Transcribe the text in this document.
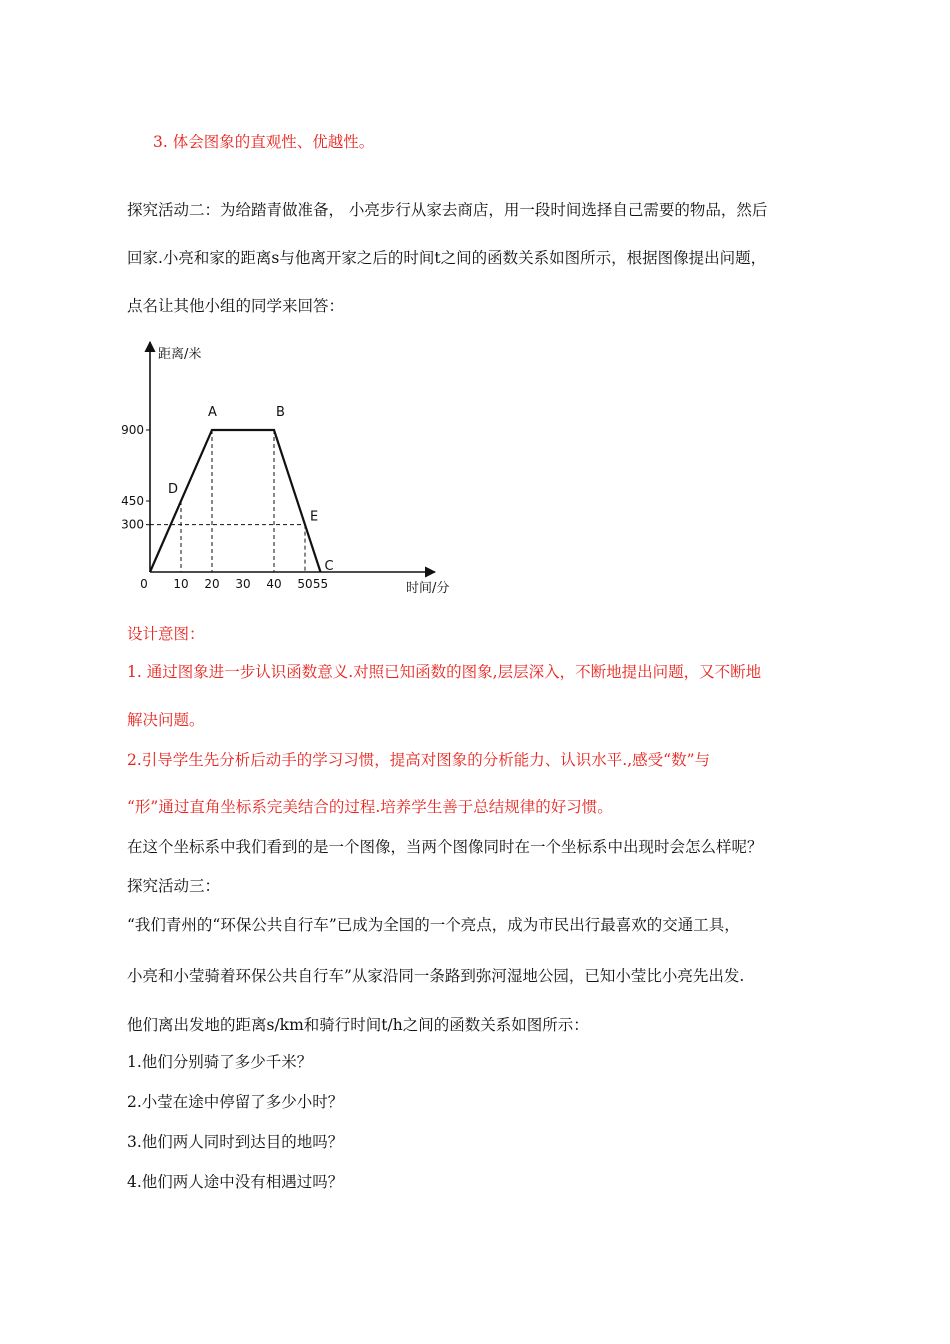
3. 体会图象的直观性、优越性。
探究活动二：为给踏青做准备， 小亮步行从家去商店，用一段时间选择自己需要的物品，然后
回家.小亮和家的距离s与他离开家之后的时间t之间的函数关系如图所示，根据图像提出问题，
点名让其他小组的同学来回答：
距离/米
时间/分
0 10 20 30 40 50 55
300
450
900
D
A	B
E
C
设计意图：
1. 通过图象进一步认识函数意义.对照已知函数的图象,层层深入，不断地提出问题，又不断地
解决问题。
2.引导学生先分析后动手的学习习惯，提高对图象的分析能力、认识水平.,感受“数”与
“形”通过直角坐标系完美结合的过程.培养学生善于总结规律的好习惯。
在这个坐标系中我们看到的是一个图像，当两个图像同时在一个坐标系中出现时会怎么样呢？
探究活动三：
“我们青州的“环保公共自行车”已成为全国的一个亮点，成为市民出行最喜欢的交通工具，
小亮和小莹骑着环保公共自行车”从家沿同一条路到弥河湿地公园，已知小莹比小亮先出发.
他们离出发地的距离s/km和骑行时间t/h之间的函数关系如图所示：
1.他们分别骑了多少千米？
2.小莹在途中停留了多少小时？
3.他们两人同时到达目的地吗？
4.他们两人途中没有相遇过吗？
